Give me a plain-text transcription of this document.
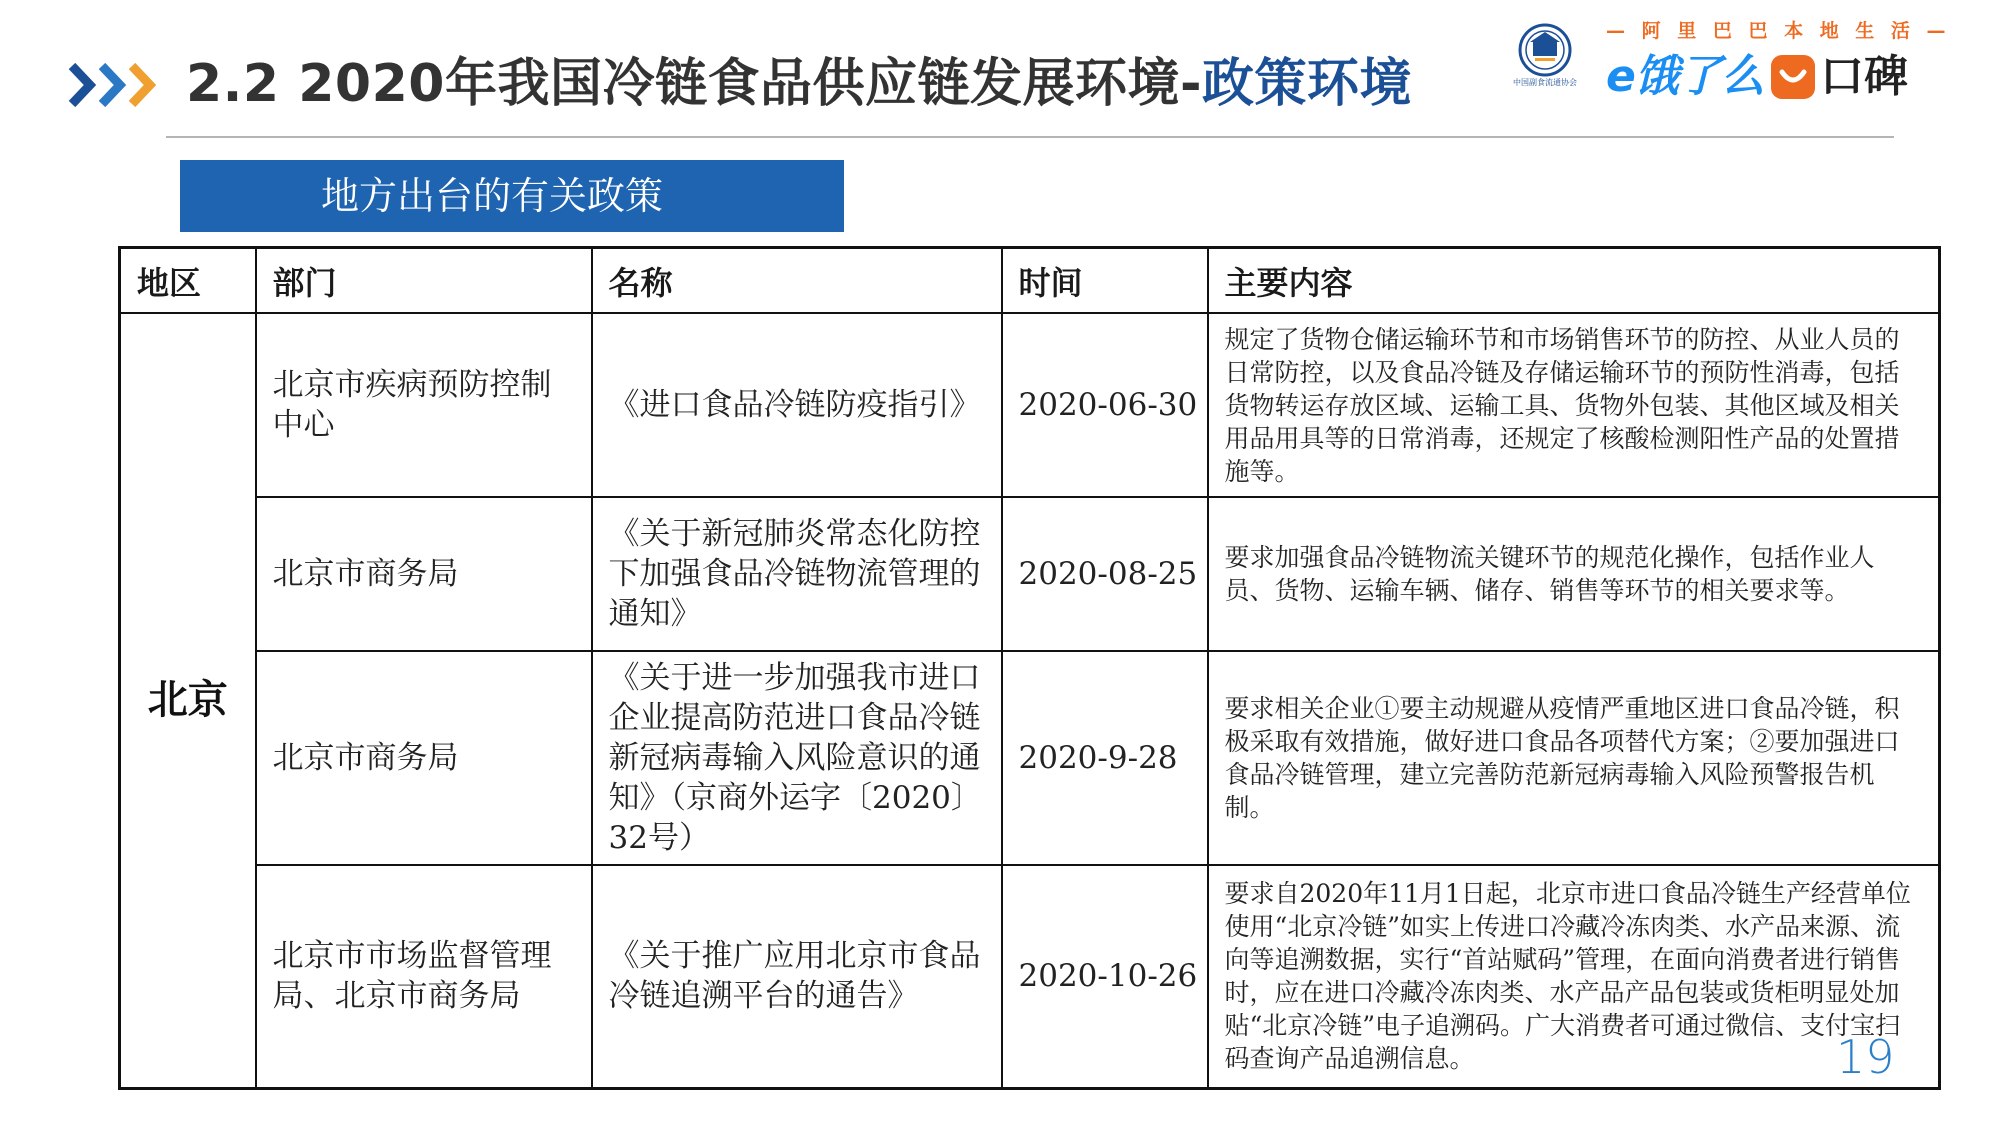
2.2 2020年我国冷链食品供应链发展环境-政策环境	中国副食流通协会
— 阿 里 巴 巴 本 地 生 活 —
e饿了么 口碑
地方出台的有关政策
地区	部门	名称	时间	主要内容
北京	北京市疾病预防控制中心	《进口食品冷链防疫指引》	2020-06-30	规定了货物仓储运输环节和市场销售环节的防控、从业人员的日常防控，以及食品冷链及存储运输环节的预防性消毒，包括货物转运存放区域、运输工具、货物外包装、其他区域及相关用品用具等的日常消毒，还规定了核酸检测阳性产品的处置措施等。
	北京市商务局	《关于新冠肺炎常态化防控下加强食品冷链物流管理的通知》	2020-08-25	要求加强食品冷链物流关键环节的规范化操作，包括作业人员、货物、运输车辆、储存、销售等环节的相关要求等。
	北京市商务局	《关于进一步加强我市进口企业提高防范进口食品冷链新冠病毒输入风险意识的通知》（京商外运字〔2020〕32号）	2020-9-28	要求相关企业①要主动规避从疫情严重地区进口食品冷链，积极采取有效措施，做好进口食品各项替代方案；②要加强进口食品冷链管理，建立完善防范新冠病毒输入风险预警报告机制。
	北京市市场监督管理局、北京市商务局	《关于推广应用北京市食品冷链追溯平台的通告》	2020-10-26	要求自2020年11月1日起，北京市进口食品冷链生产经营单位使用“北京冷链”如实上传进口冷藏冷冻肉类、水产品来源、流向等追溯数据，实行“首站赋码”管理，在面向消费者进行销售时，应在进口冷藏冷冻肉类、水产品产品包装或货柜明显处加贴“北京冷链”电子追溯码。广大消费者可通过微信、支付宝扫码查询产品追溯信息。	19
